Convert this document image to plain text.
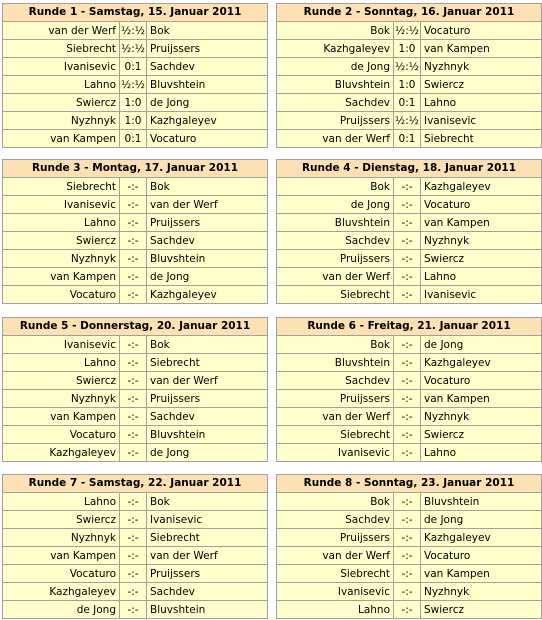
Runde 1 - Samstag, 15. Januar 2011
van der Werf	½:½	Bok
Siebrecht	½:½	Pruijssers
Ivanisevic	0:1	Sachdev
Lahno	½:½	Bluvshtein
Swiercz	1:0	de Jong
Nyzhnyk	1:0	Kazhgaleyev
van Kampen	0:1	Vocaturo
Runde 2 - Sonntag, 16. Januar 2011
Bok	½:½	Vocaturo
Kazhgaleyev	1:0	van Kampen
de Jong	½:½	Nyzhnyk
Bluvshtein	1:0	Swiercz
Sachdev	0:1	Lahno
Pruijssers	½:½	Ivanisevic
van der Werf	0:1	Siebrecht
Runde 3 - Montag, 17. Januar 2011
Siebrecht	-:-	Bok
Ivanisevic	-:-	van der Werf
Lahno	-:-	Pruijssers
Swiercz	-:-	Sachdev
Nyzhnyk	-:-	Bluvshtein
van Kampen	-:-	de Jong
Vocaturo	-:-	Kazhgaleyev
Runde 4 - Dienstag, 18. Januar 2011
Bok	-:-	Kazhgaleyev
de Jong	-:-	Vocaturo
Bluvshtein	-:-	van Kampen
Sachdev	-:-	Nyzhnyk
Pruijssers	-:-	Swiercz
van der Werf	-:-	Lahno
Siebrecht	-:-	Ivanisevic
Runde 5 - Donnerstag, 20. Januar 2011
Ivanisevic	-:-	Bok
Lahno	-:-	Siebrecht
Swiercz	-:-	van der Werf
Nyzhnyk	-:-	Pruijssers
van Kampen	-:-	Sachdev
Vocaturo	-:-	Bluvshtein
Kazhgaleyev	-:-	de Jong
Runde 6 - Freitag, 21. Januar 2011
Bok	-:-	de Jong
Bluvshtein	-:-	Kazhgaleyev
Sachdev	-:-	Vocaturo
Pruijssers	-:-	van Kampen
van der Werf	-:-	Nyzhnyk
Siebrecht	-:-	Swiercz
Ivanisevic	-:-	Lahno
Runde 7 - Samstag, 22. Januar 2011
Lahno	-:-	Bok
Swiercz	-:-	Ivanisevic
Nyzhnyk	-:-	Siebrecht
van Kampen	-:-	van der Werf
Vocaturo	-:-	Pruijssers
Kazhgaleyev	-:-	Sachdev
de Jong	-:-	Bluvshtein
Runde 8 - Sonntag, 23. Januar 2011
Bok	-:-	Bluvshtein
Sachdev	-:-	de Jong
Pruijssers	-:-	Kazhgaleyev
van der Werf	-:-	Vocaturo
Siebrecht	-:-	van Kampen
Ivanisevic	-:-	Nyzhnyk
Lahno	-:-	Swiercz
